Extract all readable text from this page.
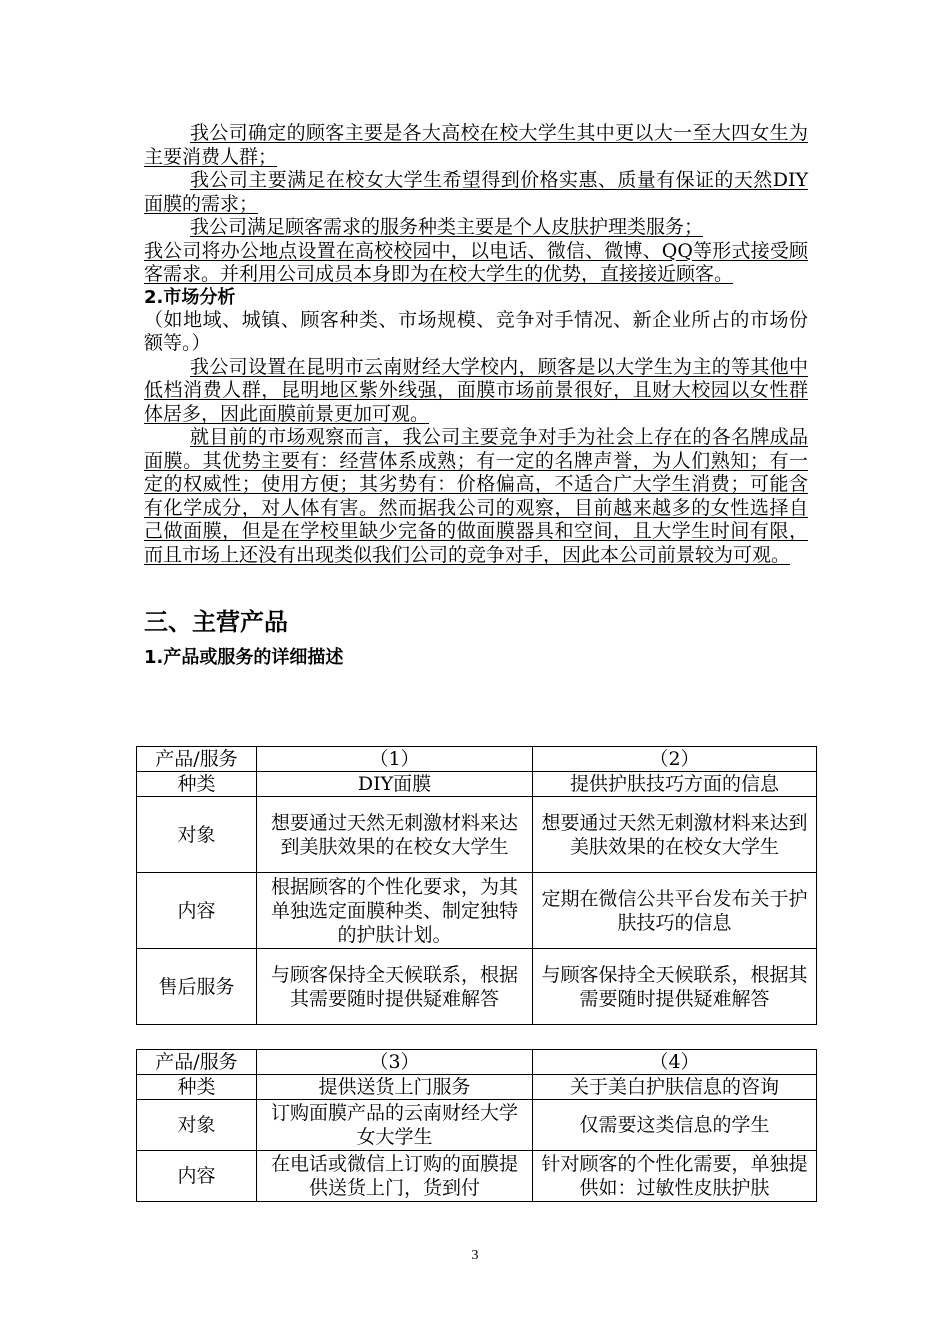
我公司确定的顾客主要是各大高校在校大学生其中更以大一至大四女生为主要消费人群；

我公司主要满足在校女大学生希望得到价格实惠、质量有保证的天然DIY面膜的需求；

我公司满足顾客需求的服务种类主要是个人皮肤护理类服务；

我公司将办公地点设置在高校校园中，以电话、微信、微博、QQ等形式接受顾客需求。并利用公司成员本身即为在校大学生的优势，直接接近顾客。

2.市场分析

（如地域、城镇、顾客种类、市场规模、竞争对手情况、新企业所占的市场份额等。）

我公司设置在昆明市云南财经大学校内，顾客是以大学生为主的等其他中低档消费人群，昆明地区紫外线强，面膜市场前景很好，且财大校园以女性群体居多，因此面膜前景更加可观。

就目前的市场观察而言，我公司主要竞争对手为社会上存在的各名牌成品面膜。其优势主要有：经营体系成熟；有一定的名牌声誉，为人们熟知；有一定的权威性；使用方便；其劣势有：价格偏高，不适合广大学生消费；可能含有化学成分，对人体有害。然而据我公司的观察，目前越来越多的女性选择自己做面膜，但是在学校里缺少完备的做面膜器具和空间，且大学生时间有限，而且市场上还没有出现类似我们公司的竞争对手，因此本公司前景较为可观。

三、主营产品

1.产品或服务的详细描述

产品/服务	（1）	（2）
种类	DIY面膜	提供护肤技巧方面的信息
对象	想要通过天然无刺激材料来达到美肤效果的在校女大学生	想要通过天然无刺激材料来达到美肤效果的在校女大学生
内容	根据顾客的个性化要求，为其单独选定面膜种类、制定独特的护肤计划。	定期在微信公共平台发布关于护肤技巧的信息
售后服务	与顾客保持全天候联系，根据其需要随时提供疑难解答	与顾客保持全天候联系，根据其需要随时提供疑难解答
产品/服务	（3）	（4）
种类	提供送货上门服务	关于美白护肤信息的咨询
对象	订购面膜产品的云南财经大学女大学生	仅需要这类信息的学生
内容	在电话或微信上订购的面膜提供送货上门，货到付	针对顾客的个性化需要，单独提供如：过敏性皮肤护肤
3
